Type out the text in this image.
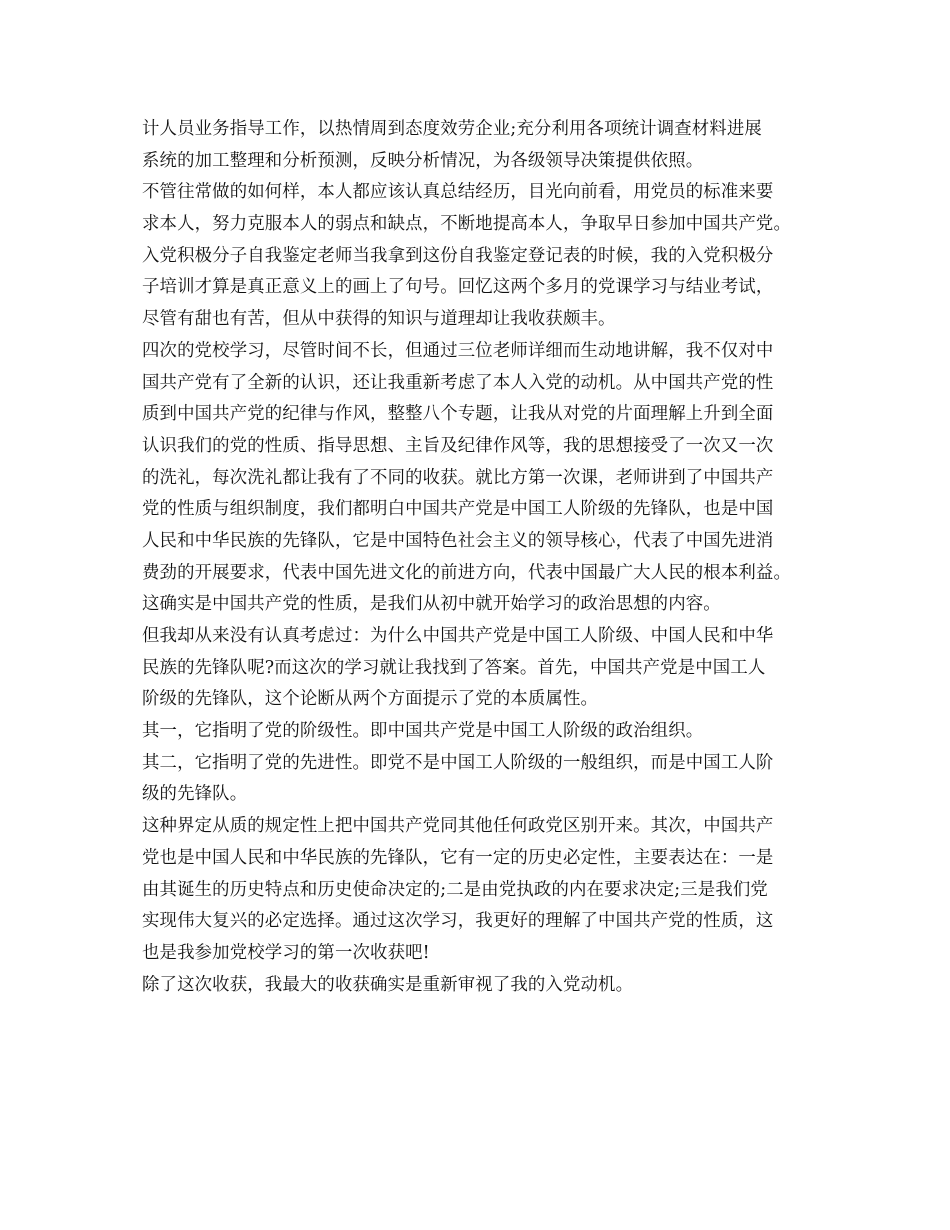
计人员业务指导工作，以热情周到态度效劳企业;充分利用各项统计调查材料进展
系统的加工整理和分析预测，反映分析情况，为各级领导决策提供依照。
不管往常做的如何样，本人都应该认真总结经历，目光向前看，用党员的标准来要
求本人，努力克服本人的弱点和缺点，不断地提高本人，争取早日参加中国共产党。
入党积极分子自我鉴定老师当我拿到这份自我鉴定登记表的时候，我的入党积极分
子培训才算是真正意义上的画上了句号。回忆这两个多月的党课学习与结业考试，
尽管有甜也有苦，但从中获得的知识与道理却让我收获颇丰。
四次的党校学习，尽管时间不长，但通过三位老师详细而生动地讲解，我不仅对中
国共产党有了全新的认识，还让我重新考虑了本人入党的动机。从中国共产党的性
质到中国共产党的纪律与作风，整整八个专题，让我从对党的片面理解上升到全面
认识我们的党的性质、指导思想、主旨及纪律作风等，我的思想接受了一次又一次
的洗礼，每次洗礼都让我有了不同的收获。就比方第一次课，老师讲到了中国共产
党的性质与组织制度，我们都明白中国共产党是中国工人阶级的先锋队，也是中国
人民和中华民族的先锋队，它是中国特色社会主义的领导核心，代表了中国先进消
费劲的开展要求，代表中国先进文化的前进方向，代表中国最广大人民的根本利益。
这确实是中国共产党的性质，是我们从初中就开始学习的政治思想的内容。
但我却从来没有认真考虑过：为什么中国共产党是中国工人阶级、中国人民和中华
民族的先锋队呢?而这次的学习就让我找到了答案。首先，中国共产党是中国工人
阶级的先锋队，这个论断从两个方面提示了党的本质属性。
其一，它指明了党的阶级性。即中国共产党是中国工人阶级的政治组织。
其二，它指明了党的先进性。即党不是中国工人阶级的一般组织，而是中国工人阶
级的先锋队。
这种界定从质的规定性上把中国共产党同其他任何政党区别开来。其次，中国共产
党也是中国人民和中华民族的先锋队，它有一定的历史必定性，主要表达在：一是
由其诞生的历史特点和历史使命决定的;二是由党执政的内在要求决定;三是我们党
实现伟大复兴的必定选择。通过这次学习，我更好的理解了中国共产党的性质，这
也是我参加党校学习的第一次收获吧!
除了这次收获，我最大的收获确实是重新审视了我的入党动机。
